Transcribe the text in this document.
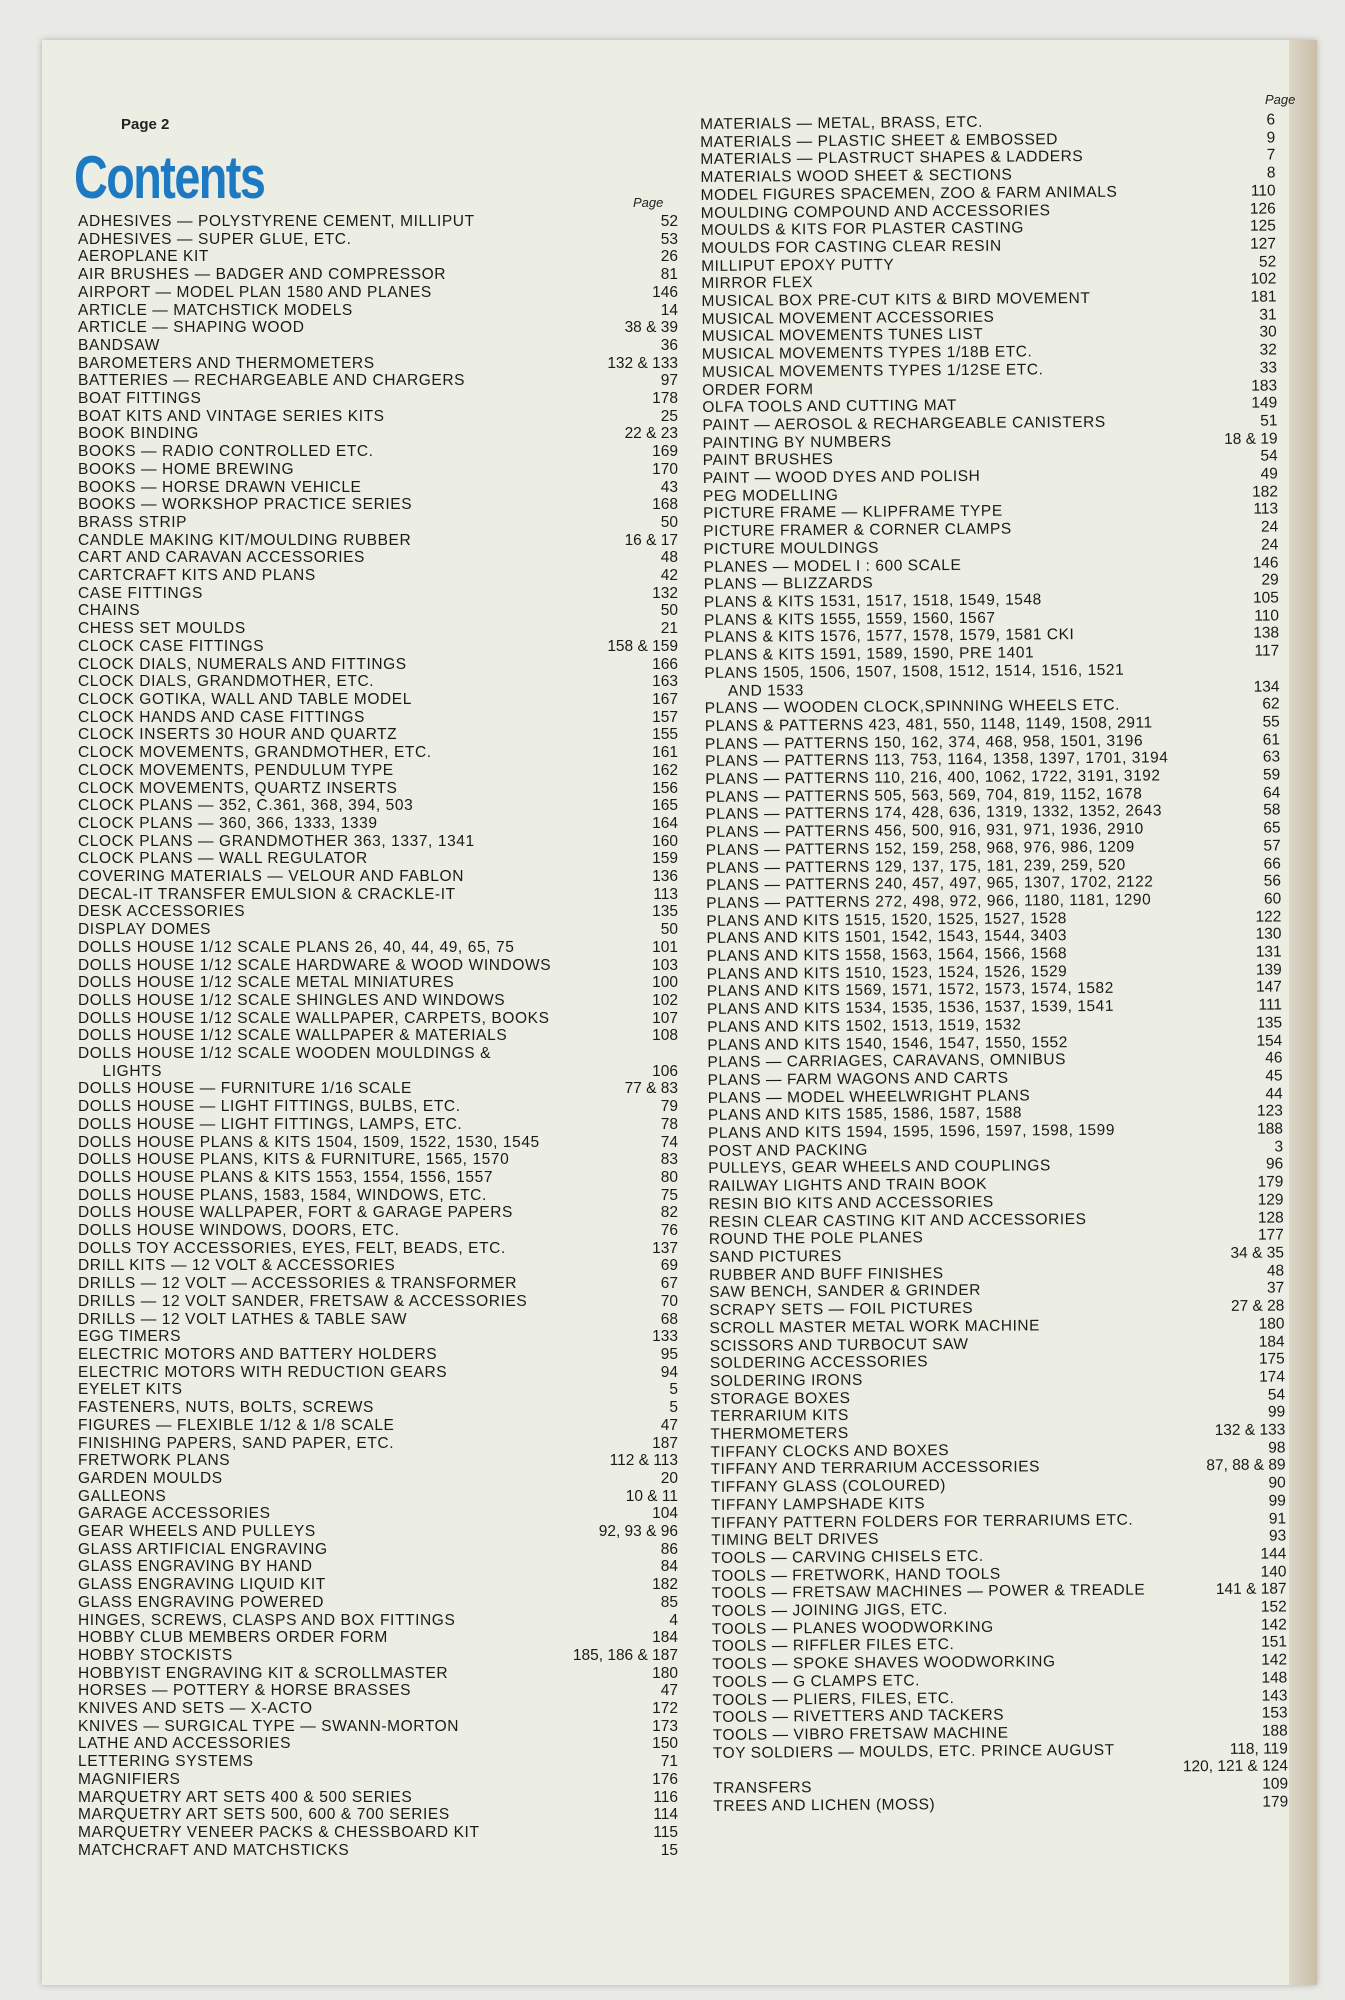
Page 2
Contents	Page
Page
ADHESIVES — POLYSTYRENE CEMENT, MILLIPUT	52
ADHESIVES — SUPER GLUE, ETC.	53
AEROPLANE KIT	26
AIR BRUSHES — BADGER AND COMPRESSOR	81
AIRPORT — MODEL PLAN 1580 AND PLANES	146
ARTICLE — MATCHSTICK MODELS	14
ARTICLE — SHAPING WOOD	38 & 39
BANDSAW	36
BAROMETERS AND THERMOMETERS	132 & 133
BATTERIES — RECHARGEABLE AND CHARGERS	97
BOAT FITTINGS	178
BOAT KITS AND VINTAGE SERIES KITS	25
BOOK BINDING	22 & 23
BOOKS — RADIO CONTROLLED ETC.	169
BOOKS — HOME BREWING	170
BOOKS — HORSE DRAWN VEHICLE	43
BOOKS — WORKSHOP PRACTICE SERIES	168
BRASS STRIP	50
CANDLE MAKING KIT/MOULDING RUBBER	16 & 17
CART AND CARAVAN ACCESSORIES	48
CARTCRAFT KITS AND PLANS	42
CASE FITTINGS	132
CHAINS	50
CHESS SET MOULDS	21
CLOCK CASE FITTINGS	158 & 159
CLOCK DIALS, NUMERALS AND FITTINGS	166
CLOCK DIALS, GRANDMOTHER, ETC.	163
CLOCK GOTIKA, WALL AND TABLE MODEL	167
CLOCK HANDS AND CASE FITTINGS	157
CLOCK INSERTS 30 HOUR AND QUARTZ	155
CLOCK MOVEMENTS, GRANDMOTHER, ETC.	161
CLOCK MOVEMENTS, PENDULUM TYPE	162
CLOCK MOVEMENTS, QUARTZ INSERTS	156
CLOCK PLANS — 352, C.361, 368, 394, 503	165
CLOCK PLANS — 360, 366, 1333, 1339	164
CLOCK PLANS — GRANDMOTHER 363, 1337, 1341	160
CLOCK PLANS — WALL REGULATOR	159
COVERING MATERIALS — VELOUR AND FABLON	136
DECAL-IT TRANSFER EMULSION & CRACKLE-IT	113
DESK ACCESSORIES	135
DISPLAY DOMES	50
DOLLS HOUSE 1/12 SCALE PLANS 26, 40, 44, 49, 65, 75	101
DOLLS HOUSE 1/12 SCALE HARDWARE & WOOD WINDOWS	103
DOLLS HOUSE 1/12 SCALE METAL MINIATURES	100
DOLLS HOUSE 1/12 SCALE SHINGLES AND WINDOWS	102
DOLLS HOUSE 1/12 SCALE WALLPAPER, CARPETS, BOOKS	107
DOLLS HOUSE 1/12 SCALE WALLPAPER & MATERIALS	108
DOLLS HOUSE 1/12 SCALE WOODEN MOULDINGS &
LIGHTS	106
DOLLS HOUSE — FURNITURE 1/16 SCALE	77 & 83
DOLLS HOUSE — LIGHT FITTINGS, BULBS, ETC.	79
DOLLS HOUSE — LIGHT FITTINGS, LAMPS, ETC.	78
DOLLS HOUSE PLANS & KITS 1504, 1509, 1522, 1530, 1545	74
DOLLS HOUSE PLANS, KITS & FURNITURE, 1565, 1570	83
DOLLS HOUSE PLANS & KITS 1553, 1554, 1556, 1557	80
DOLLS HOUSE PLANS, 1583, 1584, WINDOWS, ETC.	75
DOLLS HOUSE WALLPAPER, FORT & GARAGE PAPERS	82
DOLLS HOUSE WINDOWS, DOORS, ETC.	76
DOLLS TOY ACCESSORIES, EYES, FELT, BEADS, ETC.	137
DRILL KITS — 12 VOLT & ACCESSORIES	69
DRILLS — 12 VOLT — ACCESSORIES & TRANSFORMER	67
DRILLS — 12 VOLT SANDER, FRETSAW & ACCESSORIES	70
DRILLS — 12 VOLT LATHES & TABLE SAW	68
EGG TIMERS	133
ELECTRIC MOTORS AND BATTERY HOLDERS	95
ELECTRIC MOTORS WITH REDUCTION GEARS	94
EYELET KITS	5
FASTENERS, NUTS, BOLTS, SCREWS	5
FIGURES — FLEXIBLE 1/12 & 1/8 SCALE	47
FINISHING PAPERS, SAND PAPER, ETC.	187
FRETWORK PLANS	112 & 113
GARDEN MOULDS	20
GALLEONS	10 & 11
GARAGE ACCESSORIES	104
GEAR WHEELS AND PULLEYS	92, 93 & 96
GLASS ARTIFICIAL ENGRAVING	86
GLASS ENGRAVING BY HAND	84
GLASS ENGRAVING LIQUID KIT	182
GLASS ENGRAVING POWERED	85
HINGES, SCREWS, CLASPS AND BOX FITTINGS	4
HOBBY CLUB MEMBERS ORDER FORM	184
HOBBY STOCKISTS	185, 186 & 187
HOBBYIST ENGRAVING KIT & SCROLLMASTER	180
HORSES — POTTERY & HORSE BRASSES	47
KNIVES AND SETS — X-ACTO	172
KNIVES — SURGICAL TYPE — SWANN-MORTON	173
LATHE AND ACCESSORIES	150
LETTERING SYSTEMS	71
MAGNIFIERS	176
MARQUETRY ART SETS 400 & 500 SERIES	116
MARQUETRY ART SETS 500, 600 & 700 SERIES	114
MARQUETRY VENEER PACKS & CHESSBOARD KIT	115
MATCHCRAFT AND MATCHSTICKS	15
MATERIALS — METAL, BRASS, ETC.	6
MATERIALS — PLASTIC SHEET & EMBOSSED	9
MATERIALS — PLASTRUCT SHAPES & LADDERS	7
MATERIALS WOOD SHEET & SECTIONS	8
MODEL FIGURES SPACEMEN, ZOO & FARM ANIMALS	110
MOULDING COMPOUND AND ACCESSORIES	126
MOULDS & KITS FOR PLASTER CASTING	125
MOULDS FOR CASTING CLEAR RESIN	127
MILLIPUT EPOXY PUTTY	52
MIRROR FLEX	102
MUSICAL BOX PRE-CUT KITS & BIRD MOVEMENT	181
MUSICAL MOVEMENT ACCESSORIES	31
MUSICAL MOVEMENTS TUNES LIST	30
MUSICAL MOVEMENTS TYPES 1/18B ETC.	32
MUSICAL MOVEMENTS TYPES 1/12SE ETC.	33
ORDER FORM	183
OLFA TOOLS AND CUTTING MAT	149
PAINT — AEROSOL & RECHARGEABLE CANISTERS	51
PAINTING BY NUMBERS	18 & 19
PAINT BRUSHES	54
PAINT — WOOD DYES AND POLISH	49
PEG MODELLING	182
PICTURE FRAME — KLIPFRAME TYPE	113
PICTURE FRAMER & CORNER CLAMPS	24
PICTURE MOULDINGS	24
PLANES — MODEL I : 600 SCALE	146
PLANS — BLIZZARDS	29
PLANS & KITS 1531, 1517, 1518, 1549, 1548	105
PLANS & KITS 1555, 1559, 1560, 1567	110
PLANS & KITS 1576, 1577, 1578, 1579, 1581 CKI	138
PLANS & KITS 1591, 1589, 1590, PRE 1401	117
PLANS 1505, 1506, 1507, 1508, 1512, 1514, 1516, 1521
AND 1533	134
PLANS — WOODEN CLOCK,SPINNING WHEELS ETC.	62
PLANS & PATTERNS 423, 481, 550, 1148, 1149, 1508, 2911	55
PLANS — PATTERNS 150, 162, 374, 468, 958, 1501, 3196	61
PLANS — PATTERNS 113, 753, 1164, 1358, 1397, 1701, 3194	63
PLANS — PATTERNS 110, 216, 400, 1062, 1722, 3191, 3192	59
PLANS — PATTERNS 505, 563, 569, 704, 819, 1152, 1678	64
PLANS — PATTERNS 174, 428, 636, 1319, 1332, 1352, 2643	58
PLANS — PATTERNS 456, 500, 916, 931, 971, 1936, 2910	65
PLANS — PATTERNS 152, 159, 258, 968, 976, 986, 1209	57
PLANS — PATTERNS 129, 137, 175, 181, 239, 259, 520	66
PLANS — PATTERNS 240, 457, 497, 965, 1307, 1702, 2122	56
PLANS — PATTERNS 272, 498, 972, 966, 1180, 1181, 1290	60
PLANS AND KITS 1515, 1520, 1525, 1527, 1528	122
PLANS AND KITS 1501, 1542, 1543, 1544, 3403	130
PLANS AND KITS 1558, 1563, 1564, 1566, 1568	131
PLANS AND KITS 1510, 1523, 1524, 1526, 1529	139
PLANS AND KITS 1569, 1571, 1572, 1573, 1574, 1582	147
PLANS AND KITS 1534, 1535, 1536, 1537, 1539, 1541	111
PLANS AND KITS 1502, 1513, 1519, 1532	135
PLANS AND KITS 1540, 1546, 1547, 1550, 1552	154
PLANS — CARRIAGES, CARAVANS, OMNIBUS	46
PLANS — FARM WAGONS AND CARTS	45
PLANS — MODEL WHEELWRIGHT PLANS	44
PLANS AND KITS 1585, 1586, 1587, 1588	123
PLANS AND KITS 1594, 1595, 1596, 1597, 1598, 1599	188
POST AND PACKING	3
PULLEYS, GEAR WHEELS AND COUPLINGS	96
RAILWAY LIGHTS AND TRAIN BOOK	179
RESIN BIO KITS AND ACCESSORIES	129
RESIN CLEAR CASTING KIT AND ACCESSORIES	128
ROUND THE POLE PLANES	177
SAND PICTURES	34 & 35
RUBBER AND BUFF FINISHES	48
SAW BENCH, SANDER & GRINDER	37
SCRAPY SETS — FOIL PICTURES	27 & 28
SCROLL MASTER METAL WORK MACHINE	180
SCISSORS AND TURBOCUT SAW	184
SOLDERING ACCESSORIES	175
SOLDERING IRONS	174
STORAGE BOXES	54
TERRARIUM KITS	99
THERMOMETERS	132 & 133
TIFFANY CLOCKS AND BOXES	98
TIFFANY AND TERRARIUM ACCESSORIES	87, 88 & 89
TIFFANY GLASS (COLOURED)	90
TIFFANY LAMPSHADE KITS	99
TIFFANY PATTERN FOLDERS FOR TERRARIUMS ETC.	91
TIMING BELT DRIVES	93
TOOLS — CARVING CHISELS ETC.	144
TOOLS — FRETWORK, HAND TOOLS	140
TOOLS — FRETSAW MACHINES — POWER & TREADLE	141 & 187
TOOLS — JOINING JIGS, ETC.	152
TOOLS — PLANES WOODWORKING	142
TOOLS — RIFFLER FILES ETC.	151
TOOLS — SPOKE SHAVES WOODWORKING	142
TOOLS — G CLAMPS ETC.	148
TOOLS — PLIERS, FILES, ETC.	143
TOOLS — RIVETTERS AND TACKERS	153
TOOLS — VIBRO FRETSAW MACHINE	188
TOY SOLDIERS — MOULDS, ETC. PRINCE AUGUST	118, 119
120, 121 & 124
TRANSFERS	109
TREES AND LICHEN (MOSS)	179
